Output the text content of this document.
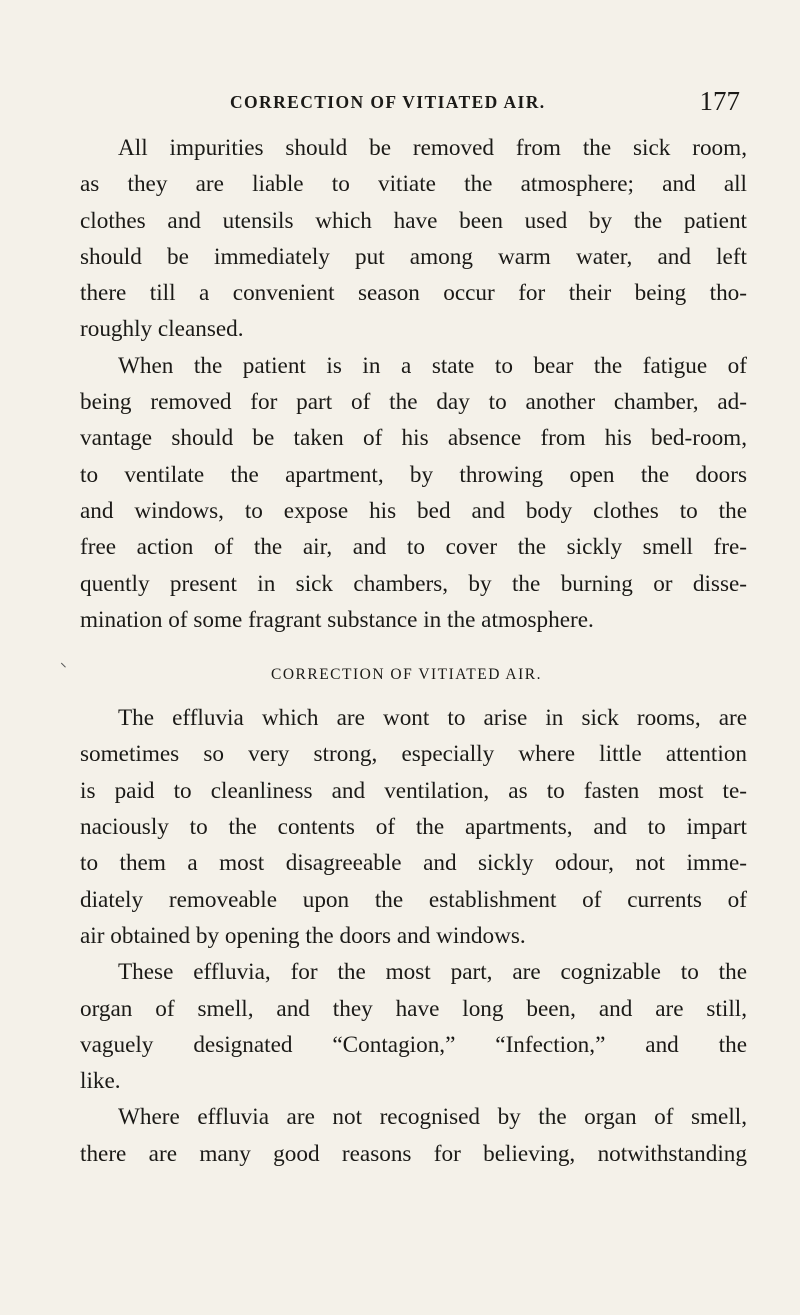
CORRECTION OF VITIATED AIR.	177
All impurities should be removed from the sick room,
as they are liable to vitiate the atmosphere; and all
clothes and utensils which have been used by the patient
should be immediately put among warm water, and left
there till a convenient season occur for their being tho-
roughly cleansed.
When the patient is in a state to bear the fatigue of
being removed for part of the day to another chamber, ad-
vantage should be taken of his absence from his bed-room,
to ventilate the apartment, by throwing open the doors
and windows, to expose his bed and body clothes to the
free action of the air, and to cover the sickly smell fre-
quently present in sick chambers, by the burning or disse-
mination of some fragrant substance in the atmosphere.
CORRECTION OF VITIATED AIR.
The effluvia which are wont to arise in sick rooms, are
sometimes so very strong, especially where little attention
is paid to cleanliness and ventilation, as to fasten most te-
naciously to the contents of the apartments, and to impart
to them a most disagreeable and sickly odour, not imme-
diately removeable upon the establishment of currents of
air obtained by opening the doors and windows.
These effluvia, for the most part, are cognizable to the
organ of smell, and they have long been, and are still,
vaguely designated “Contagion,” “Infection,” and the
like.
Where effluvia are not recognised by the organ of smell,
there are many good reasons for believing, notwithstanding
